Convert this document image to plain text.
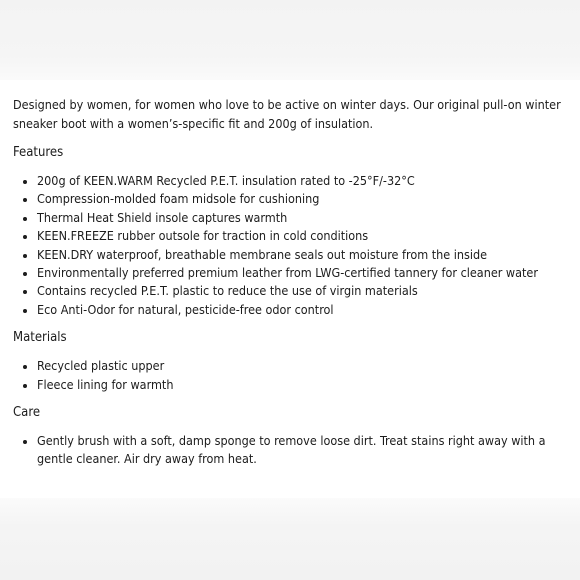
Designed by women, for women who love to be active on winter days. Our original pull-on winter sneaker boot with a women’s-specific fit and 200g of insulation.

Features
• 200g of KEEN.WARM Recycled P.E.T. insulation rated to -25°F/-32°C
• Compression-molded foam midsole for cushioning
• Thermal Heat Shield insole captures warmth
• KEEN.FREEZE rubber outsole for traction in cold conditions
• KEEN.DRY waterproof, breathable membrane seals out moisture from the inside
• Environmentally preferred premium leather from LWG-certified tannery for cleaner water
• Contains recycled P.E.T. plastic to reduce the use of virgin materials
• Eco Anti-Odor for natural, pesticide-free odor control
Materials
• Recycled plastic upper
• Fleece lining for warmth
Care
• Gently brush with a soft, damp sponge to remove loose dirt. Treat stains right away with a gentle cleaner. Air dry away from heat.
